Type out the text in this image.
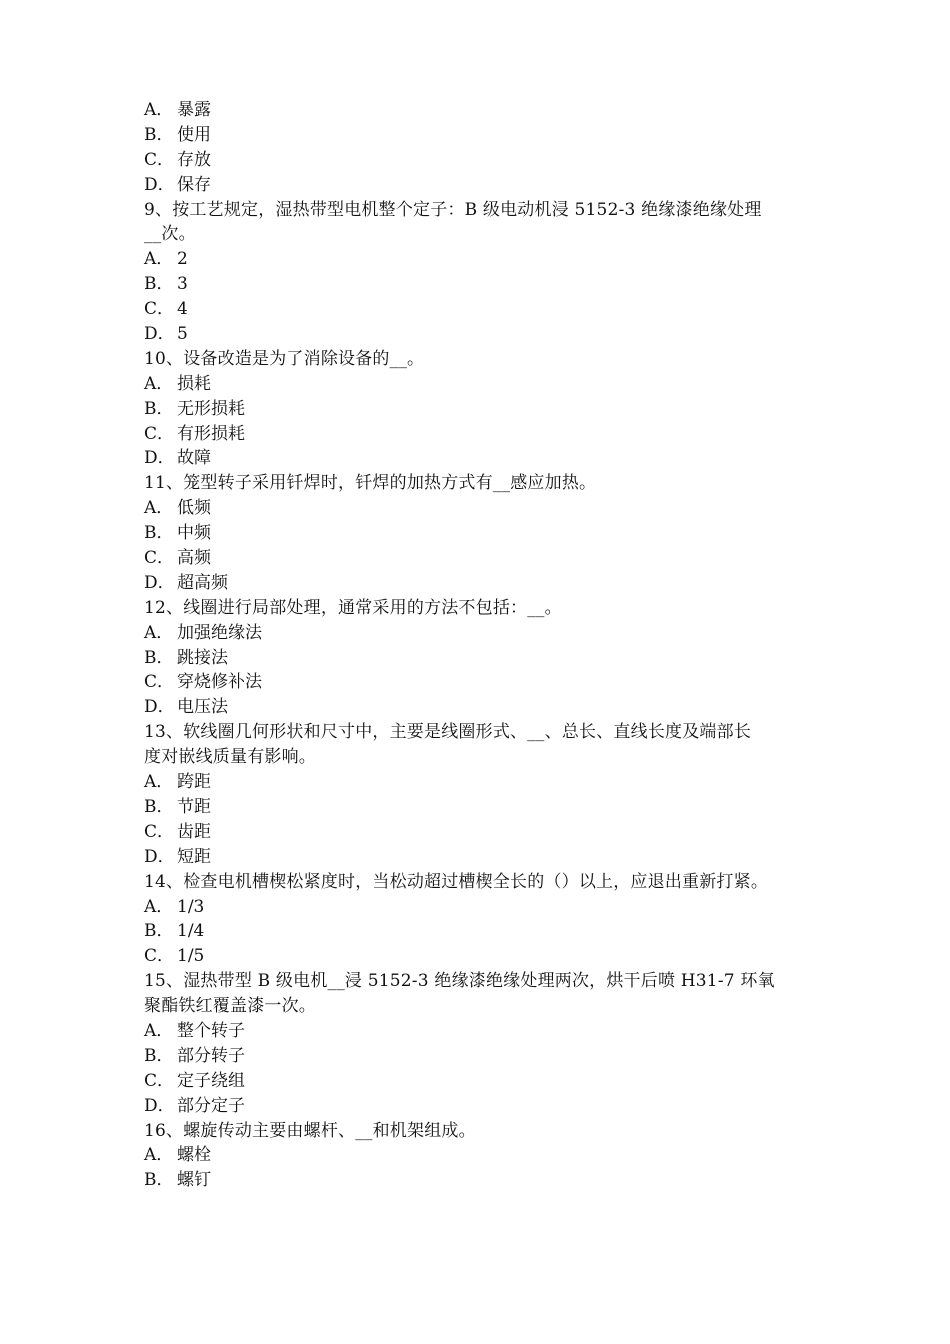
A． 暴露
B． 使用
C． 存放
D． 保存
9、按工艺规定，湿热带型电机整个定子：B 级电动机浸 5152-3 绝缘漆绝缘处理
__次。
A． 2
B． 3
C． 4
D． 5
10、设备改造是为了消除设备的__。
A． 损耗
B． 无形损耗
C． 有形损耗
D． 故障
11、笼型转子采用钎焊时，钎焊的加热方式有__感应加热。
A． 低频
B． 中频
C． 高频
D． 超高频
12、线圈进行局部处理，通常采用的方法不包括：__。
A． 加强绝缘法
B． 跳接法
C． 穿烧修补法
D． 电压法
13、软线圈几何形状和尺寸中，主要是线圈形式、__、总长、直线长度及端部长
度对嵌线质量有影响。
A． 跨距
B． 节距
C． 齿距
D． 短距
14、检查电机槽楔松紧度时，当松动超过槽楔全长的（）以上，应退出重新打紧。
A． 1/3
B． 1/4
C． 1/5
15、湿热带型 B 级电机__浸 5152-3 绝缘漆绝缘处理两次，烘干后喷 H31-7 环氧
聚酯铁红覆盖漆一次。
A． 整个转子
B． 部分转子
C． 定子绕组
D． 部分定子
16、螺旋传动主要由螺杆、__和机架组成。
A． 螺栓
B． 螺钉
